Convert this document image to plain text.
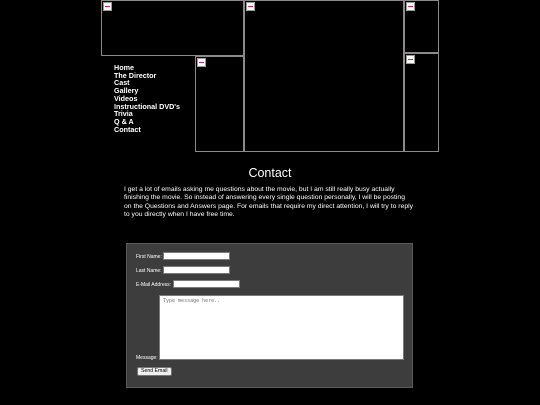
Home
The Director
Cast
Gallery
Videos
Instructional DVD's
Trivia
Q & A
Contact
Contact

I get a lot of emails asking me questions about the movie, but I am still really busy actually finishing the movie. So instead of answering every single question personally, I will be posting on the Questions and Answers page. For emails that require my direct attention, I will try to reply to you directly when I have free time.

First Name:
Last Name:
E-Mail Address:
Type message here..
Message:
Send Email
